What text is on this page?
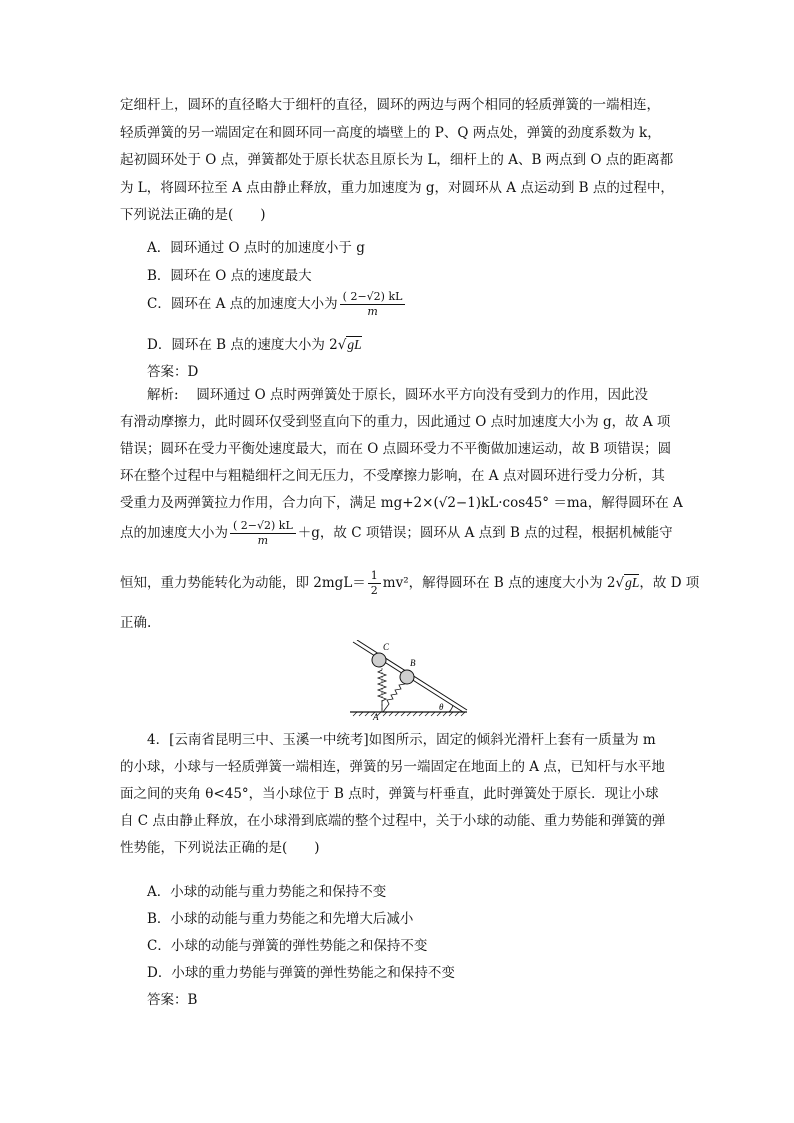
定细杆上，圆环的直径略大于细杆的直径，圆环的两边与两个相同的轻质弹簧的一端相连，
轻质弹簧的另一端固定在和圆环同一高度的墙壁上的 P、Q 两点处，弹簧的劲度系数为 k，
起初圆环处于 O 点，弹簧都处于原长状态且原长为 L，细杆上的 A、B 两点到 O 点的距离都
为 L，将圆环拉至 A 点由静止释放，重力加速度为 g，对圆环从 A 点运动到 B 点的过程中，
下列说法正确的是(　　)
A．圆环通过 O 点时的加速度小于 g
B．圆环在 O 点的速度最大
C．圆环在 A 点的加速度大小为 $\frac{( 2-√2) kL}{m}$
D．圆环在 B 点的速度大小为 2√gL
答案：D
解析:　 圆环通过 O 点时两弹簧处于原长，圆环水平方向没有受到力的作用，因此没
有滑动摩擦力，此时圆环仅受到竖直向下的重力，因此通过 O 点时加速度大小为 g，故 A 项
错误；圆环在受力平衡处速度最大，而在 O 点圆环受力不平衡做加速运动，故 B 项错误；圆
环在整个过程中与粗糙细杆之间无压力，不受摩擦力影响，在 A 点对圆环进行受力分析，其
受重力及两弹簧拉力作用，合力向下，满足 mg+2×(√2−1)kL·cos45° ＝ma，解得圆环在 A
点的加速度大小为 $\frac{( 2-√2) kL}{m} +g$，故 C 项错误；圆环从 A 点到 B 点的过程，根据机械能守
恒知，重力势能转化为动能，即 $2mgL= \frac{1}{2} mv^2$，解得圆环在 B 点的速度大小为 2√gL，故 D 项
正确.
θ
C
B
A
4．[云南省昆明三中、玉溪一中统考]如图所示，固定的倾斜光滑杆上套有一质量为 m
的小球，小球与一轻质弹簧一端相连，弹簧的另一端固定在地面上的 A 点，已知杆与水平地
面之间的夹角 θ<45°，当小球位于 B 点时，弹簧与杆垂直，此时弹簧处于原长．现让小球
自 C 点由静止释放，在小球滑到底端的整个过程中，关于小球的动能、重力势能和弹簧的弹
性势能，下列说法正确的是(　　)
A．小球的动能与重力势能之和保持不变
B．小球的动能与重力势能之和先增大后减小
C．小球的动能与弹簧的弹性势能之和保持不变
D．小球的重力势能与弹簧的弹性势能之和保持不变
答案：B
